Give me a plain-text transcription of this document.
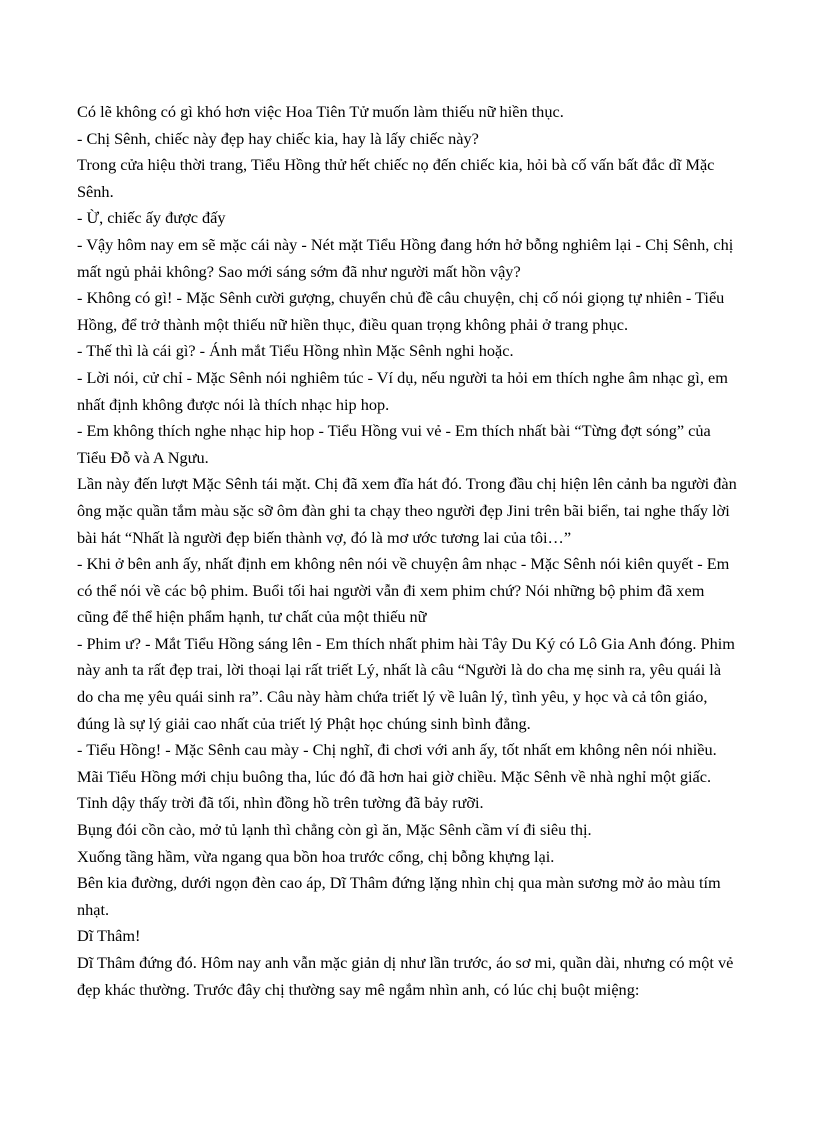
Có lẽ không có gì khó hơn việc Hoa Tiên Tử muốn làm thiếu nữ hiền thục.

- Chị Sênh, chiếc này đẹp hay chiếc kia, hay là lấy chiếc này?

Trong cửa hiệu thời trang, Tiểu Hồng thử hết chiếc nọ đến chiếc kia, hỏi bà cố vấn bất đắc dĩ Mặc Sênh.

- Ừ, chiếc ấy được đấy

- Vậy hôm nay em sẽ mặc cái này - Nét mặt Tiểu Hồng đang hớn hở bỗng nghiêm lại - Chị Sênh, chị mất ngủ phải không? Sao mới sáng sớm đã như người mất hồn vậy?

- Không có gì! - Mặc Sênh cười gượng, chuyển chủ đề câu chuyện, chị cố nói giọng tự nhiên - Tiểu Hồng, để trở thành một thiếu nữ hiền thục, điều quan trọng không phải ở trang phục.

- Thế thì là cái gì? - Ánh mắt Tiểu Hồng nhìn Mặc Sênh nghi hoặc.

- Lời nói, cử chỉ - Mặc Sênh nói nghiêm túc - Ví dụ, nếu người ta hỏi em thích nghe âm nhạc gì, em nhất định không được nói là thích nhạc hip hop.

- Em không thích nghe nhạc hip hop - Tiểu Hồng vui vẻ - Em thích nhất bài “Từng đợt sóng” của Tiểu Đỗ và A Ngưu.

Lần này đến lượt Mặc Sênh tái mặt. Chị đã xem đĩa hát đó. Trong đầu chị hiện lên cảnh ba người đàn ông mặc quần tắm màu sặc sỡ ôm đàn ghi ta chạy theo người đẹp Jini trên bãi biển, tai nghe thấy lời bài hát “Nhất là người đẹp biến thành vợ, đó là mơ ước tương lai của tôi…”

- Khi ở bên anh ấy, nhất định em không nên nói về chuyện âm nhạc - Mặc Sênh nói kiên quyết - Em có thể nói về các bộ phim. Buổi tối hai người vẫn đi xem phim chứ? Nói những bộ phim đã xem cũng để thể hiện phẩm hạnh, tư chất của một thiếu nữ

- Phim ư? - Mắt Tiểu Hồng sáng lên - Em thích nhất phim hài Tây Du Ký có Lô Gia Anh đóng. Phim này anh ta rất đẹp trai, lời thoại lại rất triết Lý, nhất là câu “Người là do cha mẹ sinh ra, yêu quái là do cha mẹ yêu quái sinh ra”. Câu này hàm chứa triết lý về luân lý, tình yêu, y học và cả tôn giáo, đúng là sự lý giải cao nhất của triết lý Phật học chúng sinh bình đẳng.

- Tiểu Hồng! - Mặc Sênh cau mày - Chị nghĩ, đi chơi với anh ấy, tốt nhất em không nên nói nhiều.

Mãi Tiểu Hồng mới chịu buông tha, lúc đó đã hơn hai giờ chiều. Mặc Sênh về nhà nghỉ một giấc. Tỉnh dậy thấy trời đã tối, nhìn đồng hồ trên tường đã bảy rưỡi.

Bụng đói cồn cào, mở tủ lạnh thì chẳng còn gì ăn, Mặc Sênh cầm ví đi siêu thị.

Xuống tầng hầm, vừa ngang qua bồn hoa trước cổng, chị bỗng khựng lại.

Bên kia đường, dưới ngọn đèn cao áp, Dĩ Thâm đứng lặng nhìn chị qua màn sương mờ ảo màu tím nhạt.

Dĩ Thâm!

Dĩ Thâm đứng đó. Hôm nay anh vẫn mặc giản dị như lần trước, áo sơ mi, quần dài, nhưng có một vẻ đẹp khác thường. Trước đây chị thường say mê ngắm nhìn anh, có lúc chị buột miệng:
